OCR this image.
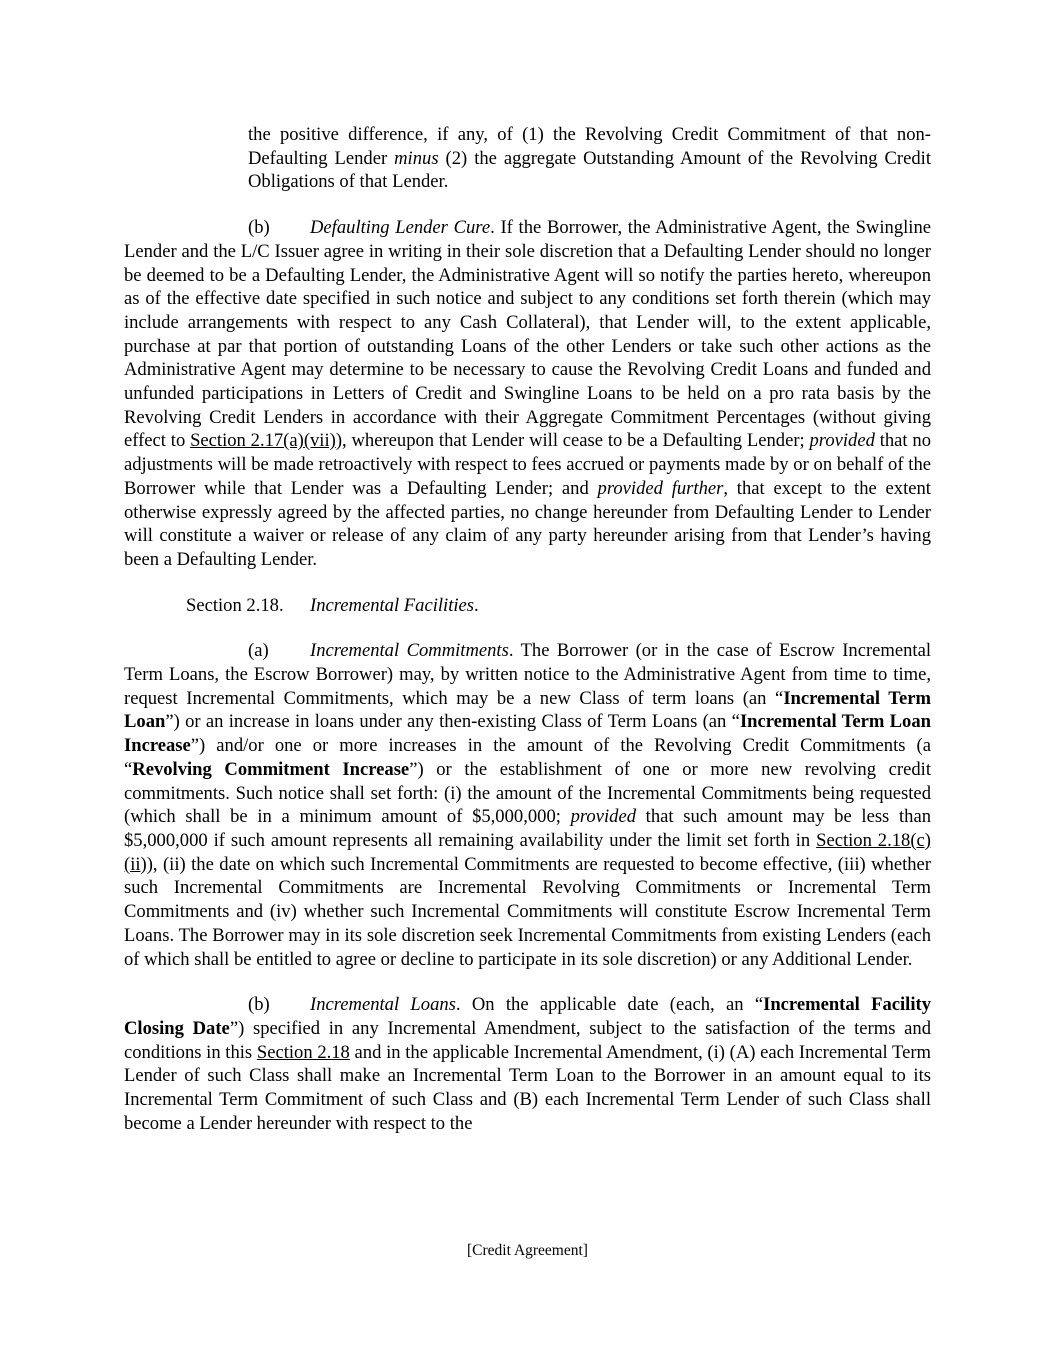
the positive difference, if any, of (1) the Revolving Credit Commitment of that non-Defaulting Lender minus (2) the aggregate Outstanding Amount of the Revolving Credit Obligations of that Lender.

(b) Defaulting Lender Cure. If the Borrower, the Administrative Agent, the Swingline Lender and the L/C Issuer agree in writing in their sole discretion that a Defaulting Lender should no longer be deemed to be a Defaulting Lender, the Administrative Agent will so notify the parties hereto, whereupon as of the effective date specified in such notice and subject to any conditions set forth therein (which may include arrangements with respect to any Cash Collateral), that Lender will, to the extent applicable, purchase at par that portion of outstanding Loans of the other Lenders or take such other actions as the Administrative Agent may determine to be necessary to cause the Revolving Credit Loans and funded and unfunded participations in Letters of Credit and Swingline Loans to be held on a pro rata basis by the Revolving Credit Lenders in accordance with their Aggregate Commitment Percentages (without giving effect to Section 2.17(a)(vii)), whereupon that Lender will cease to be a Defaulting Lender; provided that no adjustments will be made retroactively with respect to fees accrued or payments made by or on behalf of the Borrower while that Lender was a Defaulting Lender; and provided further, that except to the extent otherwise expressly agreed by the affected parties, no change hereunder from Defaulting Lender to Lender will constitute a waiver or release of any claim of any party hereunder arising from that Lender’s having been a Defaulting Lender.

Section 2.18. Incremental Facilities.

(a) Incremental Commitments. The Borrower (or in the case of Escrow Incremental Term Loans, the Escrow Borrower) may, by written notice to the Administrative Agent from time to time, request Incremental Commitments, which may be a new Class of term loans (an “Incremental Term Loan”) or an increase in loans under any then-existing Class of Term Loans (an “Incremental Term Loan Increase”) and/or one or more increases in the amount of the Revolving Credit Commitments (a “Revolving Commitment Increase”) or the establishment of one or more new revolving credit commitments. Such notice shall set forth: (i) the amount of the Incremental Commitments being requested (which shall be in a minimum amount of $5,000,000; provided that such amount may be less than $5,000,000 if such amount represents all remaining availability under the limit set forth in Section 2.18(c)(ii)), (ii) the date on which such Incremental Commitments are requested to become effective, (iii) whether such Incremental Commitments are Incremental Revolving Commitments or Incremental Term Commitments and (iv) whether such Incremental Commitments will constitute Escrow Incremental Term Loans. The Borrower may in its sole discretion seek Incremental Commitments from existing Lenders (each of which shall be entitled to agree or decline to participate in its sole discretion) or any Additional Lender.

(b) Incremental Loans. On the applicable date (each, an “Incremental Facility Closing Date”) specified in any Incremental Amendment, subject to the satisfaction of the terms and conditions in this Section 2.18 and in the applicable Incremental Amendment, (i) (A) each Incremental Term Lender of such Class shall make an Incremental Term Loan to the Borrower in an amount equal to its Incremental Term Commitment of such Class and (B) each Incremental Term Lender of such Class shall become a Lender hereunder with respect to the

[Credit Agreement]
